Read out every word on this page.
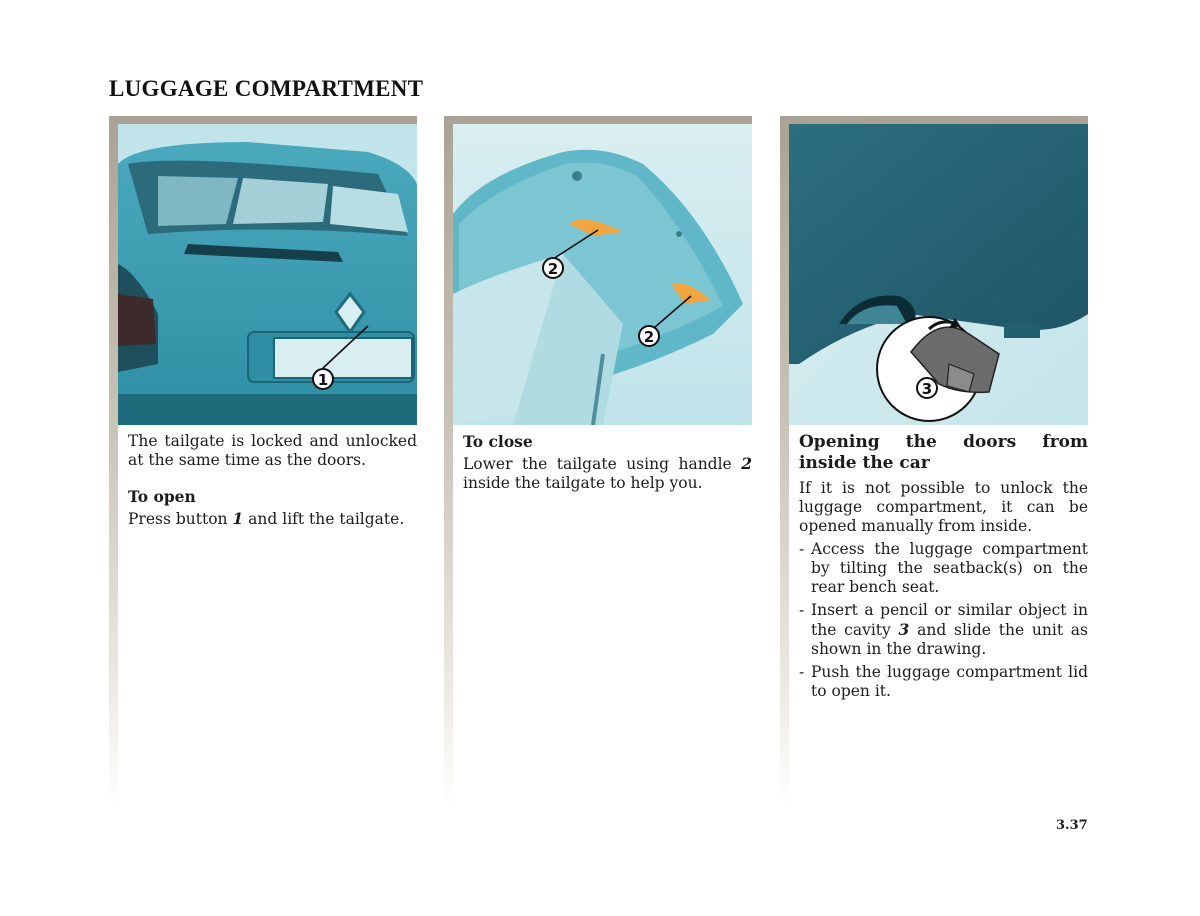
LUGGAGE COMPARTMENT
1

The tailgate is locked and unlocked at the same time as the doors.

To open

Press button 1 and lift the tailgate.

2
2

To close

Lower the tailgate using handle 2 inside the tailgate to help you.

3

Opening the doors from inside the car

If it is not possible to unlock the luggage compartment, it can be opened manually from inside.

- Access the luggage compartment by tilting the seatback(s) on the rear bench seat.
- Insert a pencil or similar object in the cavity 3 and slide the unit as shown in the drawing.
- Push the luggage compartment lid to open it.
3.37
